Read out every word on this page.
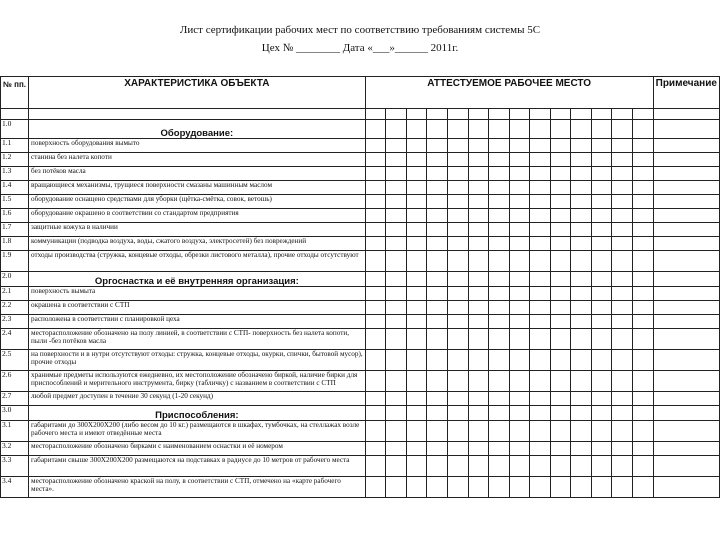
Лист сертификации рабочих мест по соответствию требованиям системы 5С
Цех № ________ Дата «___»______ 2011г.
№ пп.	ХАРАКТЕРИСТИКА ОБЪЕКТА	АТТЕСТУЕМОЕ РАБОЧЕЕ МЕСТО														Примечание

1.0	Оборудование:															
1.1	поверхность оборудования вымыто															
1.2	станина без налета копоти															
1.3	без потёков масла															
1.4	вращающиеся механизмы, трущиеся поверхности смазаны машинным маслом															
1.5	оборудование оснащено средствами для уборки (щётка-смётка, совок, ветошь)															
1.6	оборудование окрашено в соответствии со стандартом предприятия															
1.7	защитные кожуха в наличии															
1.8	коммуникации (подводка воздуха, воды, сжатого воздуха, электросетей) без повреждений															
1.9	отходы производства (стружка, концевые отходы, обрезки листового металла), прочие отходы отсутствуют															
2.0	Оргоснастка и её внутренняя организация:															
2.1	поверхность вымыта															
2.2	окрашена в соответствии с СТП															
2.3	расположена в соответствии с планировкой цеха															
2.4	месторасположение обозначено на полу линией, в соответствии с СТП- поверхность без налета копоти, пыли -без потёков масла															
2.5	на поверхности и в нутри отсутствуют отходы: стружка, концевые отходы, окурки, спички, бытовой мусор), прочие отходы															
2.6	хранимые предметы используются ежедневно, их местоположение обозначено биркой, наличие бирки для приспособлений и мерительного инструмента, бирку (табличку) с названием в соответствии с СТП															
2.7	любой предмет доступен в течение 30 секунд (1-20 секунд)															
3.0	Приспособления:															
3.1	габаритами до 300X200X200 (либо весом до 10 кг.) размещаются в шкафах, тумбочках, на стеллажах возле рабочего места и имеют отведённые места															
3.2	месторасположение обозначено бирками с наименованием оснастки и её номером															
3.3	габаритами свыше 300X200X200 размещаются на подставках в радиусе до 10 метров от рабочего места															
3.4	месторасположение обозначено краской на полу, в соответствии с СТП, отмечено на «карте рабочего места».															
